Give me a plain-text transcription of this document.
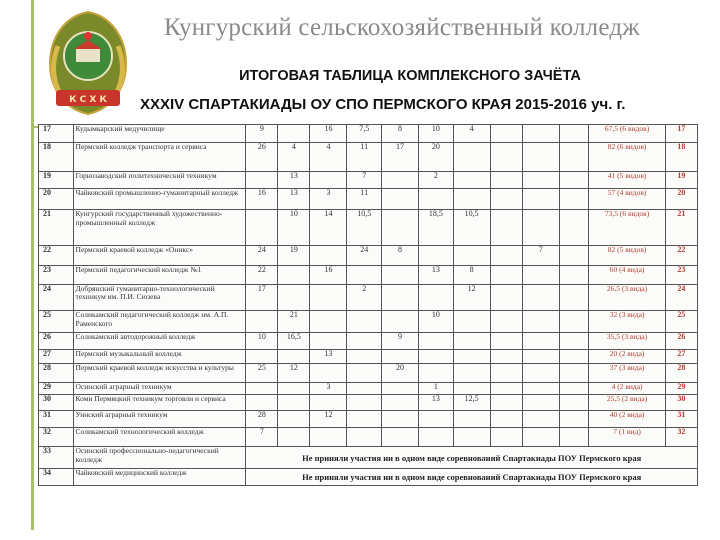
К С Х К
Кунгурский сельскохозяйственный колледж
ИТОГОВАЯ ТАБЛИЦА КОМПЛЕКСНОГО ЗАЧЁТА
XXXIV СПАРТАКИАДЫ ОУ СПО ПЕРМСКОГО КРАЯ 2015-2016 уч. г.
17	Кудымкарский медучилище	9		16	7,5	8	10	4				67,5 (6 видов)	17
18	Пермский колледж транспорта и сервиса	26	4	4	11	17	20					82 (6 видов)	18
19	Горнозаводский политехнический техникум		13		7		2					41 (5 видов)	19
20	Чайковский промышленно-гуманитарный колледж	16	13	3	11							57 (4 видов)	20
21	Кунгурский государственный художественно-промышленный колледж		10	14	10,5		18,5	10,5				73,5 (6 видов)	21
22	Пермский краевой колледж «Оникс»	24	19		24	8				7		82 (5 видов)	22
23	Пермский педагогический колледж №1	22		16			13	8				60 (4 вида)	23
24	Добрянский гуманитарно-технологический техникум им. П.И. Сюзева	17			2			12				26,5 (3 вида)	24
25	Соликамский педагогический колледж им. А.П. Раменского		21				10					32 (3 вида)	25
26	Соликамский автодорожный колледж	10	16,5			9						35,5 (3 вида)	26
27	Пермский музыкальный колледж			13								20 (2 вида)	27
28	Пермский краевой колледж искусства и культуры	25	12			20						37 (3 вида)	28
29	Осинский аграрный техникум			3			1					4 (2 вида)	29
30	Коми Пермяцкий техникум торговли и сервиса						13	12,5				25,5 (2 вида)	30
31	Уинский аграрный техникум	28		12								40 (2 вида)	31
32	Соликамский технологический колледж	7										7 (1 вид)	32
33	Осинский профессионально-педагогический колледж	Не приняли участия ни в одном виде соревнований Спартакиады ПОУ Пермского края											
34	Чайковский медицинский колледж	Не приняли участия ни в одном виде соревнований Спартакиады ПОУ Пермского края											
